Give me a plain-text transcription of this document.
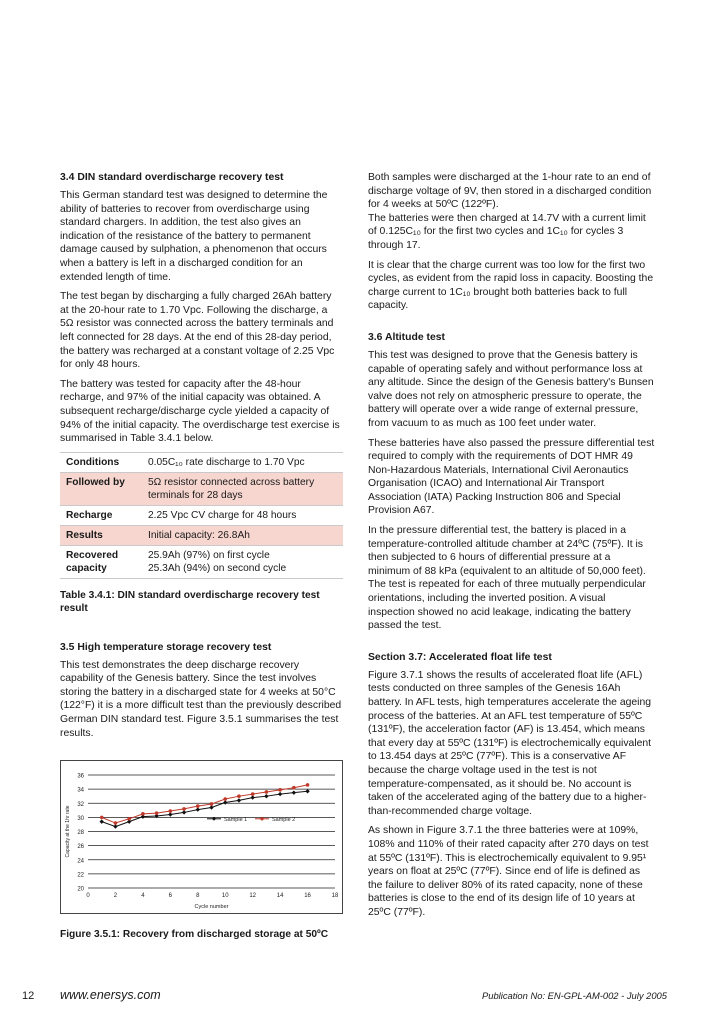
3.4 DIN standard overdischarge recovery test

This German standard test was designed to determine the ability of batteries to recover from overdischarge using standard chargers. In addition, the test also gives an indication of the resistance of the battery to permanent damage caused by sulphation, a phenomenon that occurs when a battery is left in a discharged condition for an extended length of time.

The test began by discharging a fully charged 26Ah battery at the 20-hour rate to 1.70 Vpc. Following the discharge, a 5Ω resistor was connected across the battery terminals and left connected for 28 days. At the end of this 28-day period, the battery was recharged at a constant voltage of 2.25 Vpc for only 48 hours.

The battery was tested for capacity after the 48-hour recharge, and 97% of the initial capacity was obtained. A subsequent recharge/discharge cycle yielded a capacity of 94% of the initial capacity. The overdischarge test exercise is summarised in Table 3.4.1 below.

Conditions	0.05C₁₀ rate discharge to 1.70 Vpc
Followed by	5Ω resistor connected across battery terminals for 28 days
Recharge	2.25 Vpc CV charge for 48 hours
Results	Initial capacity: 26.8Ah
Recovered capacity	25.9Ah (97%) on first cycle
25.3Ah (94%) on second cycle
Table 3.4.1: DIN standard overdischarge recovery test result
3.5 High temperature storage recovery test

This test demonstrates the deep discharge recovery capability of the Genesis battery. Since the test involves storing the battery in a discharged state for 4 weeks at 50°C (122°F) it is a more difficult test than the previously described German DIN standard test. Figure 3.5.1 summarises the test results.

20
22
24
26
28
30
32
34
36
0	2	4	6	8	10	12	14	16	18
Cycle number
Capacity at the 1hr rate	Sample 1	Sample 2
Figure 3.5.1: Recovery from discharged storage at 50ºC

Both samples were discharged at the 1-hour rate to an end of discharge voltage of 9V, then stored in a discharged condition for 4 weeks at 50ºC (122ºF).
The batteries were then charged at 14.7V with a current limit of 0.125C₁₀ for the first two cycles and 1C₁₀ for cycles 3 through 17.

It is clear that the charge current was too low for the first two cycles, as evident from the rapid loss in capacity. Boosting the charge current to 1C₁₀ brought both batteries back to full capacity.

3.6 Altitude test

This test was designed to prove that the Genesis battery is capable of operating safely and without performance loss at any altitude. Since the design of the Genesis battery's Bunsen valve does not rely on atmospheric pressure to operate, the battery will operate over a wide range of external pressure, from vacuum to as much as 100 feet under water.

These batteries have also passed the pressure differential test required to comply with the requirements of DOT HMR 49 Non-Hazardous Materials, International Civil Aeronautics Organisation (ICAO) and International Air Transport Association (IATA) Packing Instruction 806 and Special Provision A67.

In the pressure differential test, the battery is placed in a temperature-controlled altitude chamber at 24ºC (75ºF). It is then subjected to 6 hours of differential pressure at a minimum of 88 kPa (equivalent to an altitude of 50,000 feet). The test is repeated for each of three mutually perpendicular orientations, including the inverted position. A visual inspection showed no acid leakage, indicating the battery passed the test.

Section 3.7: Accelerated float life test

Figure 3.7.1 shows the results of accelerated float life (AFL) tests conducted on three samples of the Genesis 16Ah battery. In AFL tests, high temperatures accelerate the ageing process of the batteries. At an AFL test temperature of 55ºC (131ºF), the acceleration factor (AF) is 13.454, which means that every day at 55ºC (131ºF) is electrochemically equivalent to 13.454 days at 25ºC (77ºF). This is a conservative AF because the charge voltage used in the test is not temperature-compensated, as it should be. No account is taken of the accelerated aging of the battery due to a higher-than-recommended charge voltage.

As shown in Figure 3.7.1 the three batteries were at 109%, 108% and 110% of their rated capacity after 270 days on test at 55ºC (131ºF). This is electrochemically equivalent to 9.95¹ years on float at 25ºC (77ºF). Since end of life is defined as the failure to deliver 80% of its rated capacity, none of these batteries is close to the end of its design life of 10 years at 25ºC (77ºF).

12 www.enersys.com	Publication No: EN-GPL-AM-002 - July 2005
